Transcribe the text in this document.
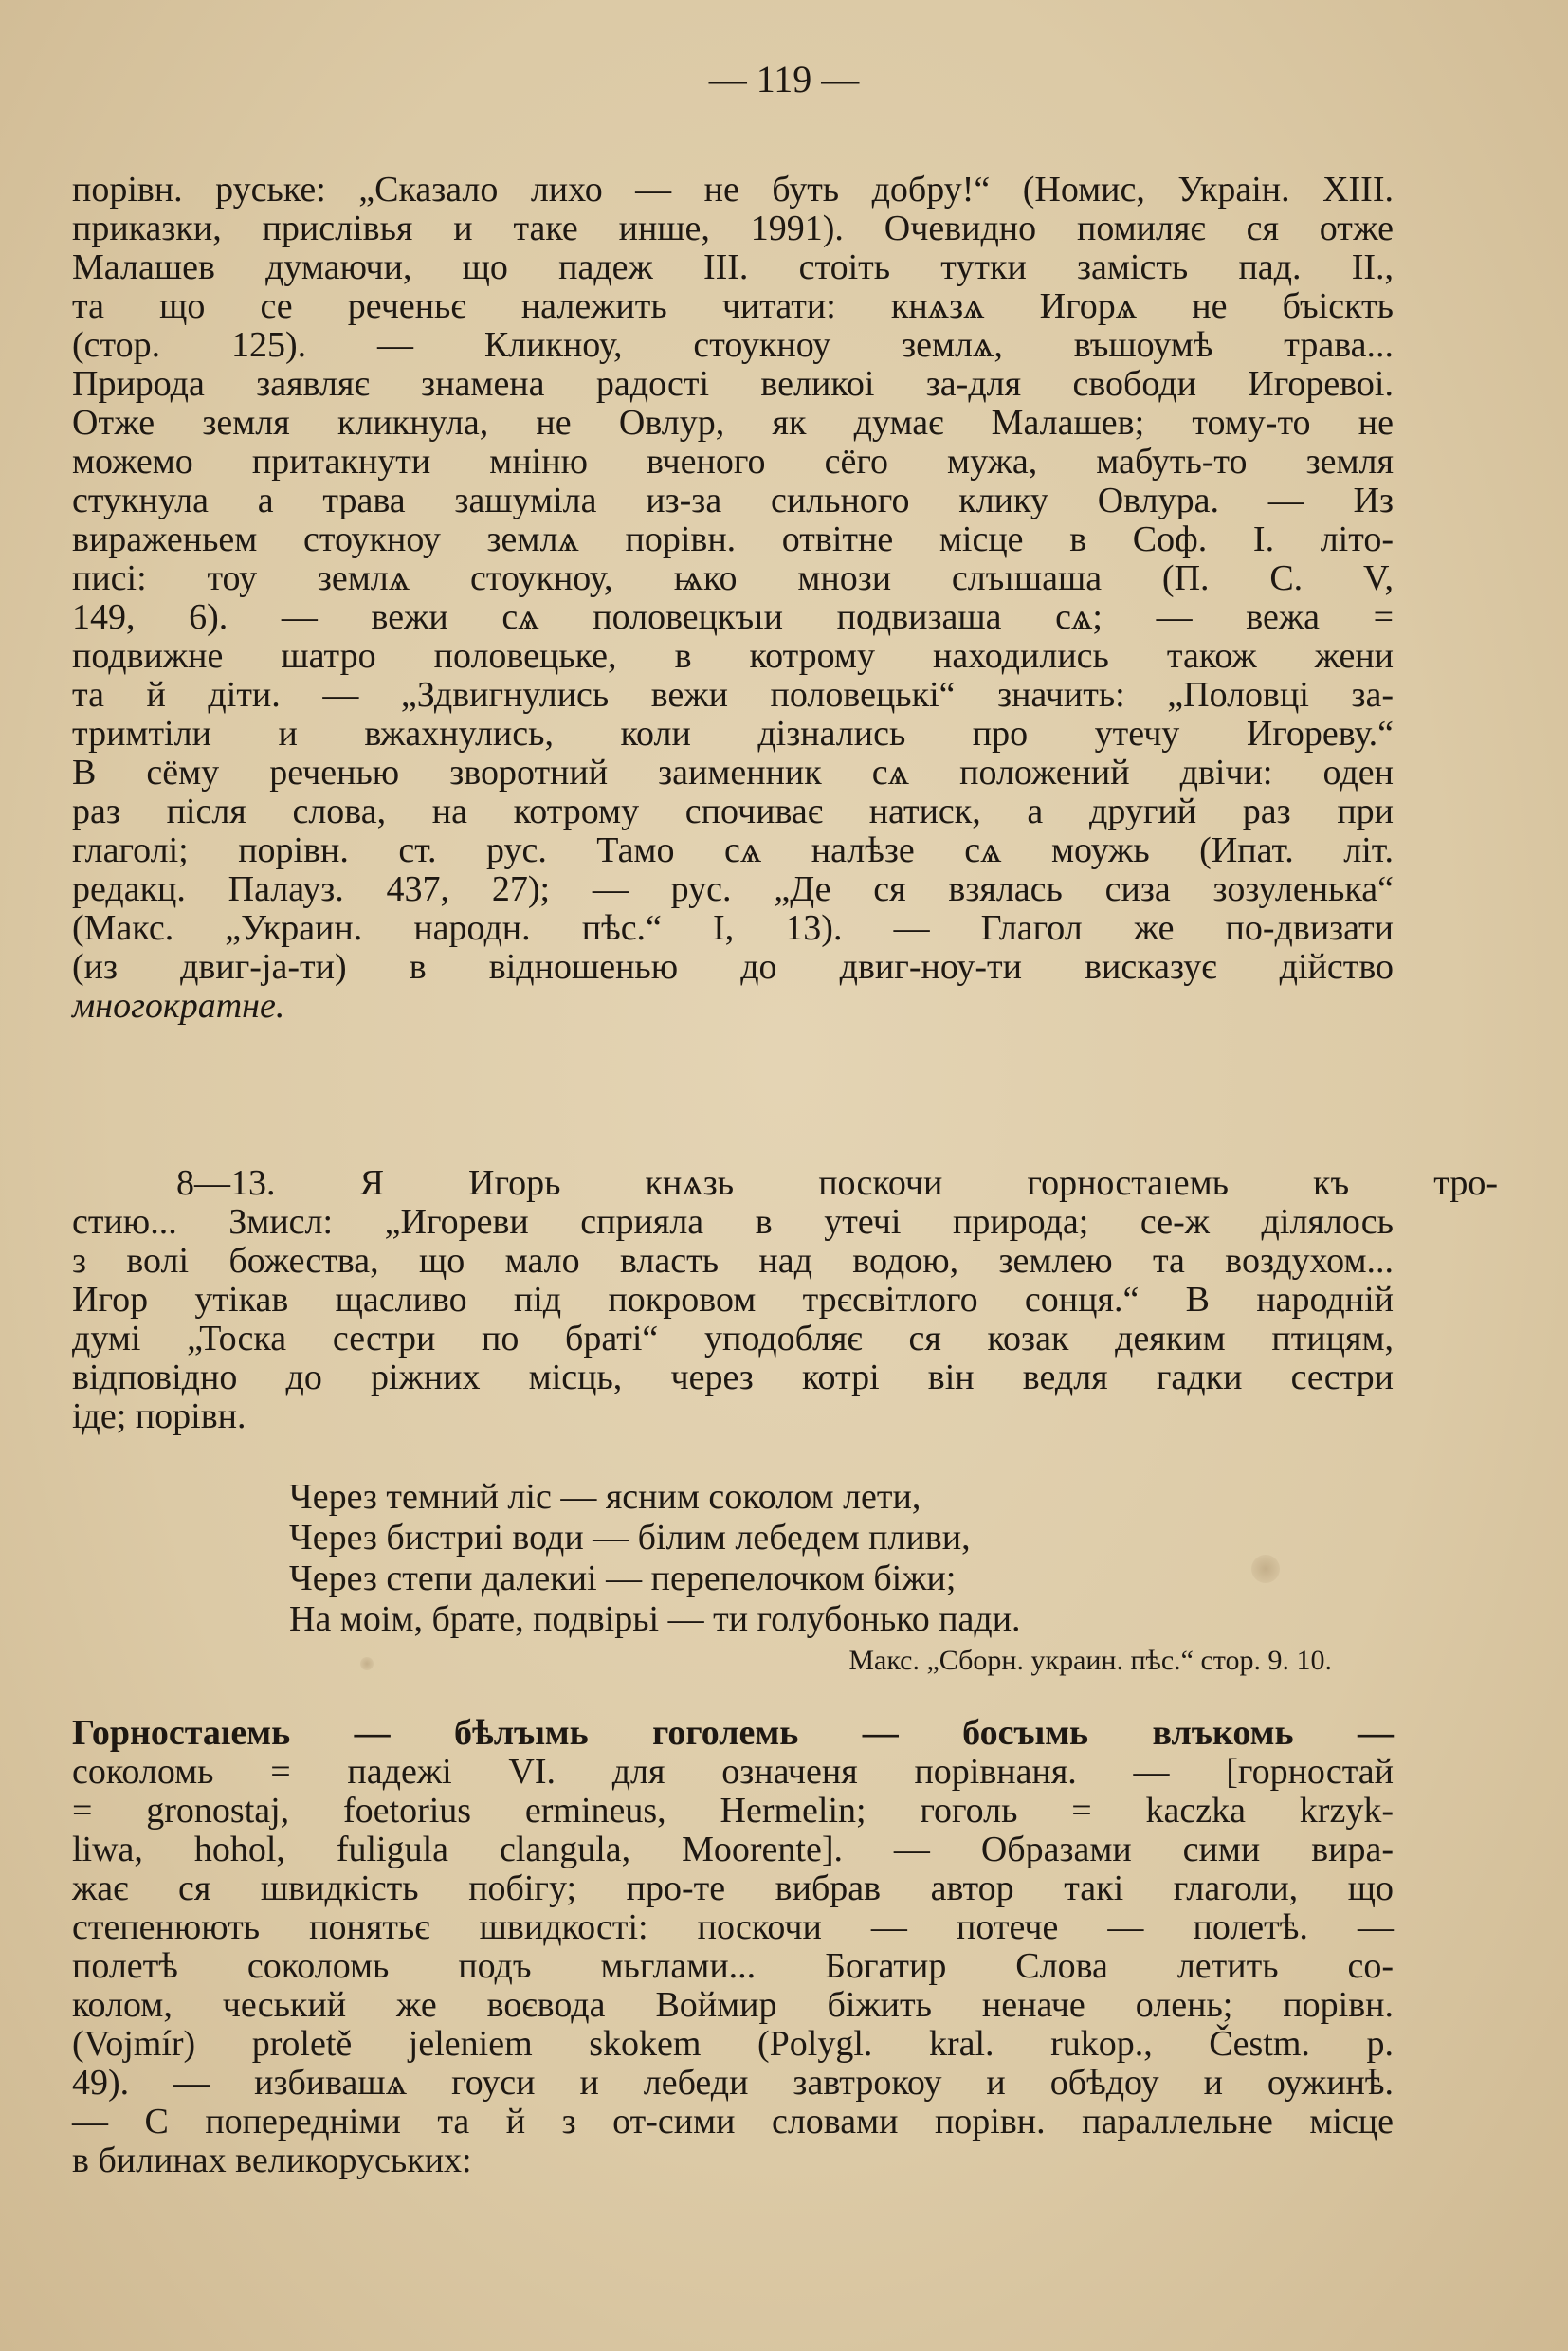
— 119 —
порівн. руське: „Сказало лихо — не буть добру!“ (Номис, Украін. XIII.
приказки, прислівья и таке инше, 1991). Очевидно помиляє ся отже
Малашев думаючи, що падеж III. стоіть тутки замість пад. II.,
та що се реченьє належить читати: кнѧзѧ Игорѧ не бъіскть
(стор. 125). — Кликноу, стоукноу землѧ, въшоумѣ трава...
Природа заявляє знамена радості великоі за-для свободи Игоревоі.
Отже земля кликнула, не Овлур, як думає Малашев; тому-то не
можемо притакнути мніню вченого сёго мужа, мабуть-то земля
стукнула а трава зашуміла из-за сильного клику Овлура. — Из
вираженьем стоукноу землѧ порівн. отвітне місце в Соф. I. літо-
писі: тоу землѧ стоукноу, ѩко мнози слъıшаша (П. С. V,
149, 6). — вежи сѧ половецкъıи подвизаша сѧ; — вежа =
подвижне шатро половецьке, в котрому находились також жени
та й діти. — „Здвигнулись вежи половецькі“ значить: „Половці за-
тримтіли и вжахнулись, коли дізнались про утечу Игореву.“
В сёму реченью зворотний заименник сѧ положений двічи: оден
раз після слова, на котрому спочиває натиск, а другий раз при
глаголі; порівн. ст. рус. Тамо сѧ налѣзе сѧ моужь (Ипат. літ.
редакц. Палауз. 437, 27); — рус. „Де ся взялась сиза зозуленька“
(Макс. „Украин. народн. пѣс.“ I, 13). — Глагол же по-двизати
(из двиг-ја-ти) в відношенью до двиг-ноу-ти висказує дійство
многократне.
8—13. Я Игорь кнѧзь поскочи горностаıемь къ тро-
стию... Змисл: „Игореви сприяла в утечі природа; се-ж ділялось
з волі божества, що мало власть над водою, землею та воздухом...
Игор утікав щасливо під покровом трєсвітлого сонця.“ В народній
думі „Тоска сестри по браті“ уподобляє ся козак деяким птицям,
відповідно до ріжних місць, через котрі він ведля гадки сестри
іде; порівн.
Через темний ліс — ясним соколом лети,
Через бистриі води — білим лебедем пливи,
Через степи далекиі — перепелочком біжи;
На моім, брате, подвірьі — ти голубонько пади.
Макс. „Сборн. украин. пѣс.“ стор. 9. 10.
Горностаıемь — бѣлъıмь гоголемь — босъıмь влъкомь —
соколомь = падежі VI. для означеня порівнаня. — [горностай
= gronostaj, foetorius ermineus, Hermelin; гоголь = kaczka krzyk-
liwa, hohol, fuligula clangula, Moorente]. — Образами сими вира-
жає ся швидкість побігу; про-те вибрав автор такі глаголи, що
степенюють понятьє швидкості: поскочи — потече — полетѣ. —
полетѣ соколомь подъ мьглами... Богатир Слова летить со-
колом, чеський же воєвода Воймир біжить неначе олень; порівн.
(Vojmír) proletě jeleniem skokem (Polygl. kral. rukop., Čestm. p.
49). — избивашѧ гоуси и лебеди завтрокоу и обѣдоу и оужинѣ.
— С попередніми та й з от-сими словами порівн. параллельне місце
в билинах великоруських:
